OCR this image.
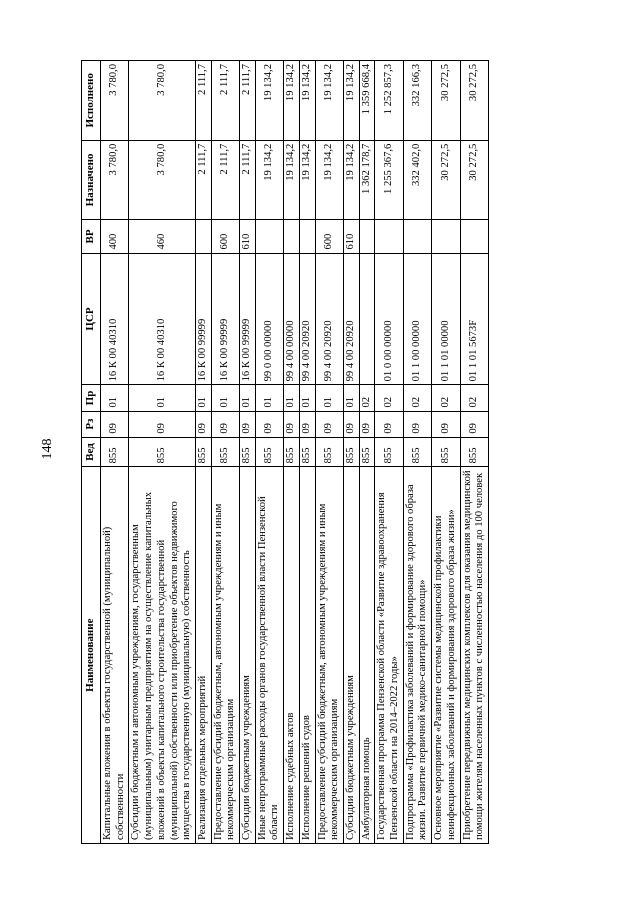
148
Наименование	Вед	Рз	Пр	ЦСР	ВР	Назначено	Исполнено
Капитальные вложения в объекты государственной (муниципальной) собственности	855	09	01	16 К 00 40310	400	3 780,0	3 780,0
Субсидии бюджетным и автономным учреждениям, государственным (муниципальным) унитарным предприятиям на осуществление капитальных вложений в объекты капитального строительства государственной (муниципальной) собственности или приобретение объектов недвижимого имущества в государственную (муниципальную) собственность	855	09	01	16 К 00 40310	460	3 780,0	3 780,0
Реализация отдельных мероприятий	855	09	01	16 К 00 99999		2 111,7	2 111,7
Предоставление субсидий бюджетным, автономным учреждениям и иным некоммерческим организациям	855	09	01	16 К 00 99999	600	2 111,7	2 111,7
Субсидии бюджетным учреждениям	855	09	01	16 К 00 99999	610	2 111,7	2 111,7
Иные непрограммные расходы органов государственной власти Пензенской области	855	09	01	99 0 00 00000		19 134,2	19 134,2
Исполнение судебных актов	855	09	01	99 4 00 00000		19 134,2	19 134,2
Исполнение решений судов	855	09	01	99 4 00 20920		19 134,2	19 134,2
Предоставление субсидий бюджетным, автономным учреждениям и иным некоммерческим организациям	855	09	01	99 4 00 20920	600	19 134,2	19 134,2
Субсидии бюджетным учреждениям	855	09	01	99 4 00 20920	610	19 134,2	19 134,2
Амбулаторная помощь	855	09	02			1 362 178,7	1 359 668,4
Государственная программа Пензенской области «Развитие здравоохранения Пензенской области на 2014–2022 годы»	855	09	02	01 0 00 00000		1 255 367,6	1 252 857,3
Подпрограмма «Профилактика заболеваний и формирование здорового образа жизни. Развитие первичной медико-санитарной помощи»	855	09	02	01 1 00 00000		332 402,0	332 166,3
Основное мероприятие «Развитие системы медицинской профилактики неинфекционных заболеваний и формирования здорового образа жизни»	855	09	02	01 1 01 00000		30 272,5	30 272,5
Приобретение передвижных медицинских комплексов для оказания медицинской помощи жителям населенных пунктов с численностью населения до 100 человек	855	09	02	01 1 01 5673F		30 272,5	30 272,5
